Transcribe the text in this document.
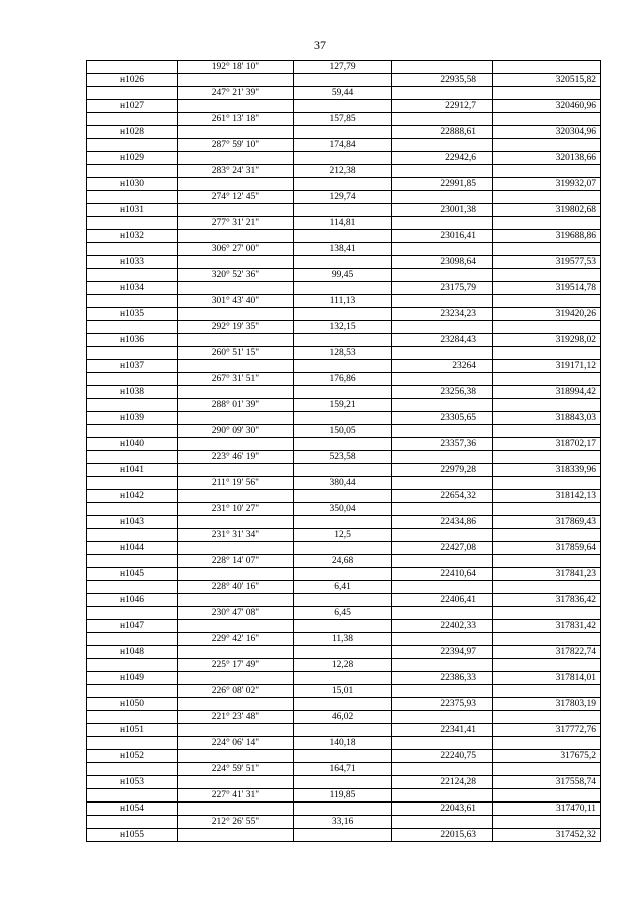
37
	192° 18' 10"	127,79		
н1026			22935,58	320515,82
	247° 21' 39"	59,44		
н1027			22912,7	320460,96
	261° 13' 18"	157,85		
н1028			22888,61	320304,96
	287° 59' 10"	174,84		
н1029			22942,6	320138,66
	283° 24' 31"	212,38		
н1030			22991,85	319932,07
	274° 12' 45"	129,74		
н1031			23001,38	319802,68
	277° 31' 21"	114,81		
н1032			23016,41	319688,86
	306° 27' 00"	138,41		
н1033			23098,64	319577,53
	320° 52' 36"	99,45		
н1034			23175,79	319514,78
	301° 43' 40"	111,13		
н1035			23234,23	319420,26
	292° 19' 35"	132,15		
н1036			23284,43	319298,02
	260° 51' 15"	128,53		
н1037			23264	319171,12
	267° 31' 51"	176,86		
н1038			23256,38	318994,42
	288° 01' 39"	159,21		
н1039			23305,65	318843,03
	290° 09' 30"	150,05		
н1040			23357,36	318702,17
	223° 46' 19"	523,58		
н1041			22979,28	318339,96
	211° 19' 56"	380,44		
н1042			22654,32	318142,13
	231° 10' 27"	350,04		
н1043			22434,86	317869,43
	231° 31' 34"	12,5		
н1044			22427,08	317859,64
	228° 14' 07"	24,68		
н1045			22410,64	317841,23
	228° 40' 16"	6,41		
н1046			22406,41	317836,42
	230° 47' 08"	6,45		
н1047			22402,33	317831,42
	229° 42' 16"	11,38		
н1048			22394,97	317822,74
	225° 17' 49"	12,28		
н1049			22386,33	317814,01
	226° 08' 02"	15,01		
н1050			22375,93	317803,19
	221° 23' 48"	46,02		
н1051			22341,41	317772,76
	224° 06' 14"	140,18		
н1052			22240,75	317675,2
	224° 59' 51"	164,71		
н1053			22124,28	317558,74
	227° 41' 31"	119,85		
н1054			22043,61	317470,11
	212° 26' 55"	33,16		
н1055			22015,63	317452,32
